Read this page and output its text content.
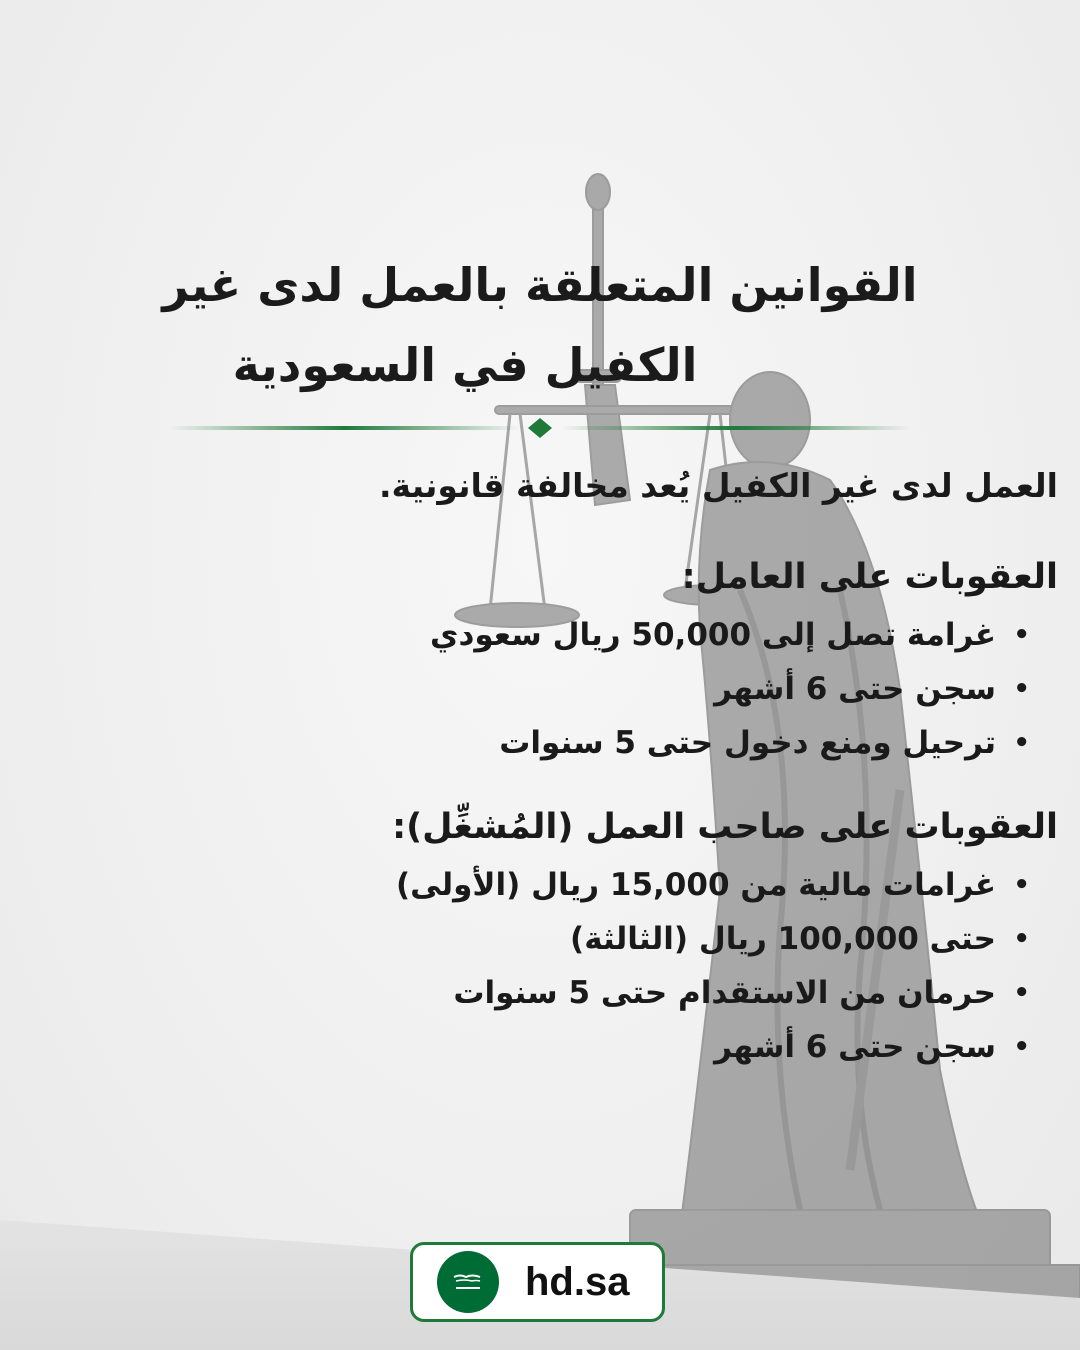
القوانين المتعلقة بالعمل لدى غير
الكفيل في السعودية

العمل لدى غير الكفيل يُعد مخالفة قانونية.

العقوبات على العامل:
•
غرامة تصل إلى 50,000 ريال سعودي
•
سجن حتى 6 أشهر
•
ترحيل ومنع دخول حتى 5 سنوات
العقوبات على صاحب العمل (المُشغِّل):
•
غرامات مالية من 15,000 ريال (الأولى)
•
حتى 100,000 ريال (الثالثة)
•
حرمان من الاستقدام حتى 5 سنوات
•
سجن حتى 6 أشهر
hd.sa
